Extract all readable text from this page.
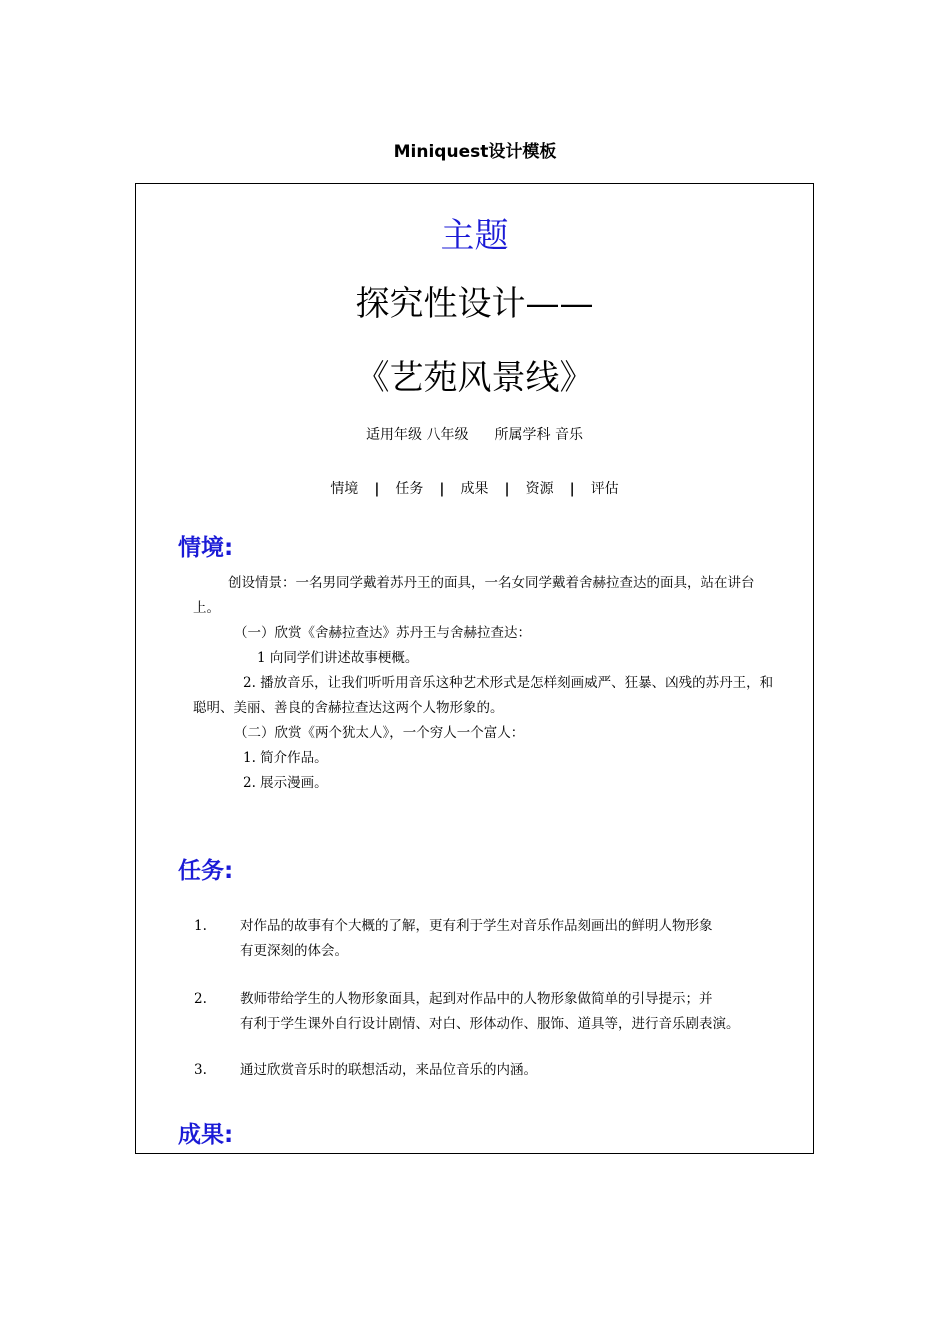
Miniquest设计模板
主题
探究性设计——
《艺苑风景线》
适用年级 八年级 所属学科 音乐
情境 | 任务 | 成果 | 资源 | 评估
情境:
创设情景：一名男同学戴着苏丹王的面具，一名女同学戴着舍赫拉查达的面具，站在讲台
上。
（一）欣赏《舍赫拉查达》苏丹王与舍赫拉查达：
1 向同学们讲述故事梗概。
2. 播放音乐，让我们听听用音乐这种艺术形式是怎样刻画威严、狂暴、凶残的苏丹王，和
聪明、美丽、善良的舍赫拉查达这两个人物形象的。
（二）欣赏《两个犹太人》，一个穷人一个富人：
1. 简介作品。
2. 展示漫画。
任务:
1. 对作品的故事有个大概的了解，更有利于学生对音乐作品刻画出的鲜明人物形象
有更深刻的体会。
2. 教师带给学生的人物形象面具，起到对作品中的人物形象做简单的引导提示；并
有利于学生课外自行设计剧情、对白、形体动作、服饰、道具等，进行音乐剧表演。
3. 通过欣赏音乐时的联想活动，来品位音乐的内涵。
成果:
